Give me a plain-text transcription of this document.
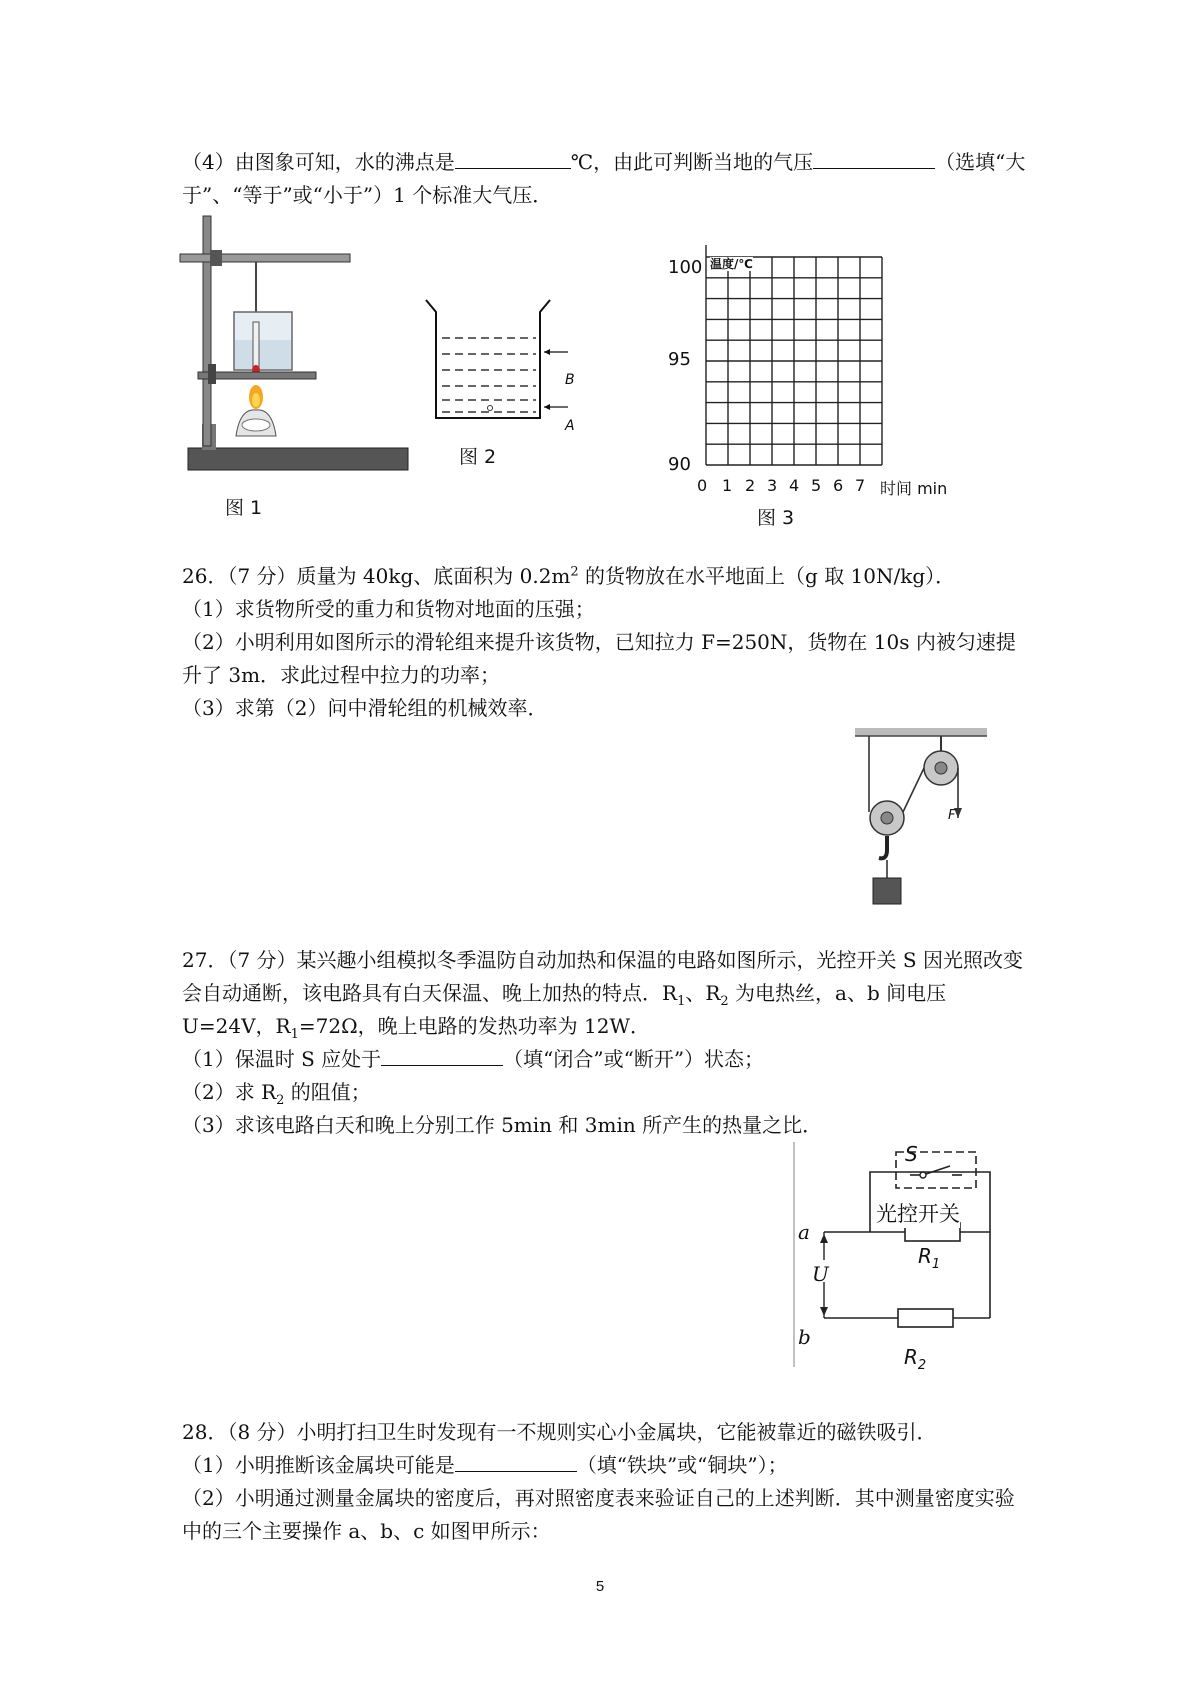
（4）由图象可知，水的沸点是	℃，由此可判断当地的气压	（选填“大于”、“等于”或“小于”）1 个标准大气压．
图 1
B
A
图 2
温度/℃
100
95
90
0 1 2 3 4 5 6 7 时间 min
图 3
26．（7 分）质量为 40kg、底面积为 $0.2m^2$ 的货物放在水平地面上（g 取 10N/kg）．
（1）求货物所受的重力和货物对地面的压强；
（2）小明利用如图所示的滑轮组来提升该货物，已知拉力 F=250N，货物在 10s 内被匀速提升了 3m．求此过程中拉力的功率；
（3）求第（2）问中滑轮组的机械效率．
F
27．（7 分）某兴趣小组模拟冬季温防自动加热和保温的电路如图所示，光控开关 S 因光照改变会自动通断，该电路具有白天保温、晚上加热的特点．$R_1$、$R_2$ 为电热丝，a、b 间电压 U=24V，$R_1=72\Omega$，晚上电路的发热功率为 12W．
（1）保温时 S 应处于	（填“闭合”或“断开”）状态；
（2）求 $R_2$ 的阻值；
（3）求该电路白天和晚上分别工作 5min 和 3min 所产生的热量之比．
S
光控开关
a
U
b
$R_1$
$R_2$
28．（8 分）小明打扫卫生时发现有一不规则实心小金属块，它能被靠近的磁铁吸引．
（1）小明推断该金属块可能是	（填“铁块”或“铜块”）；
（2）小明通过测量金属块的密度后，再对照密度表来验证自己的上述判断．其中测量密度实验中的三个主要操作 a、b、c 如图甲所示：
5
